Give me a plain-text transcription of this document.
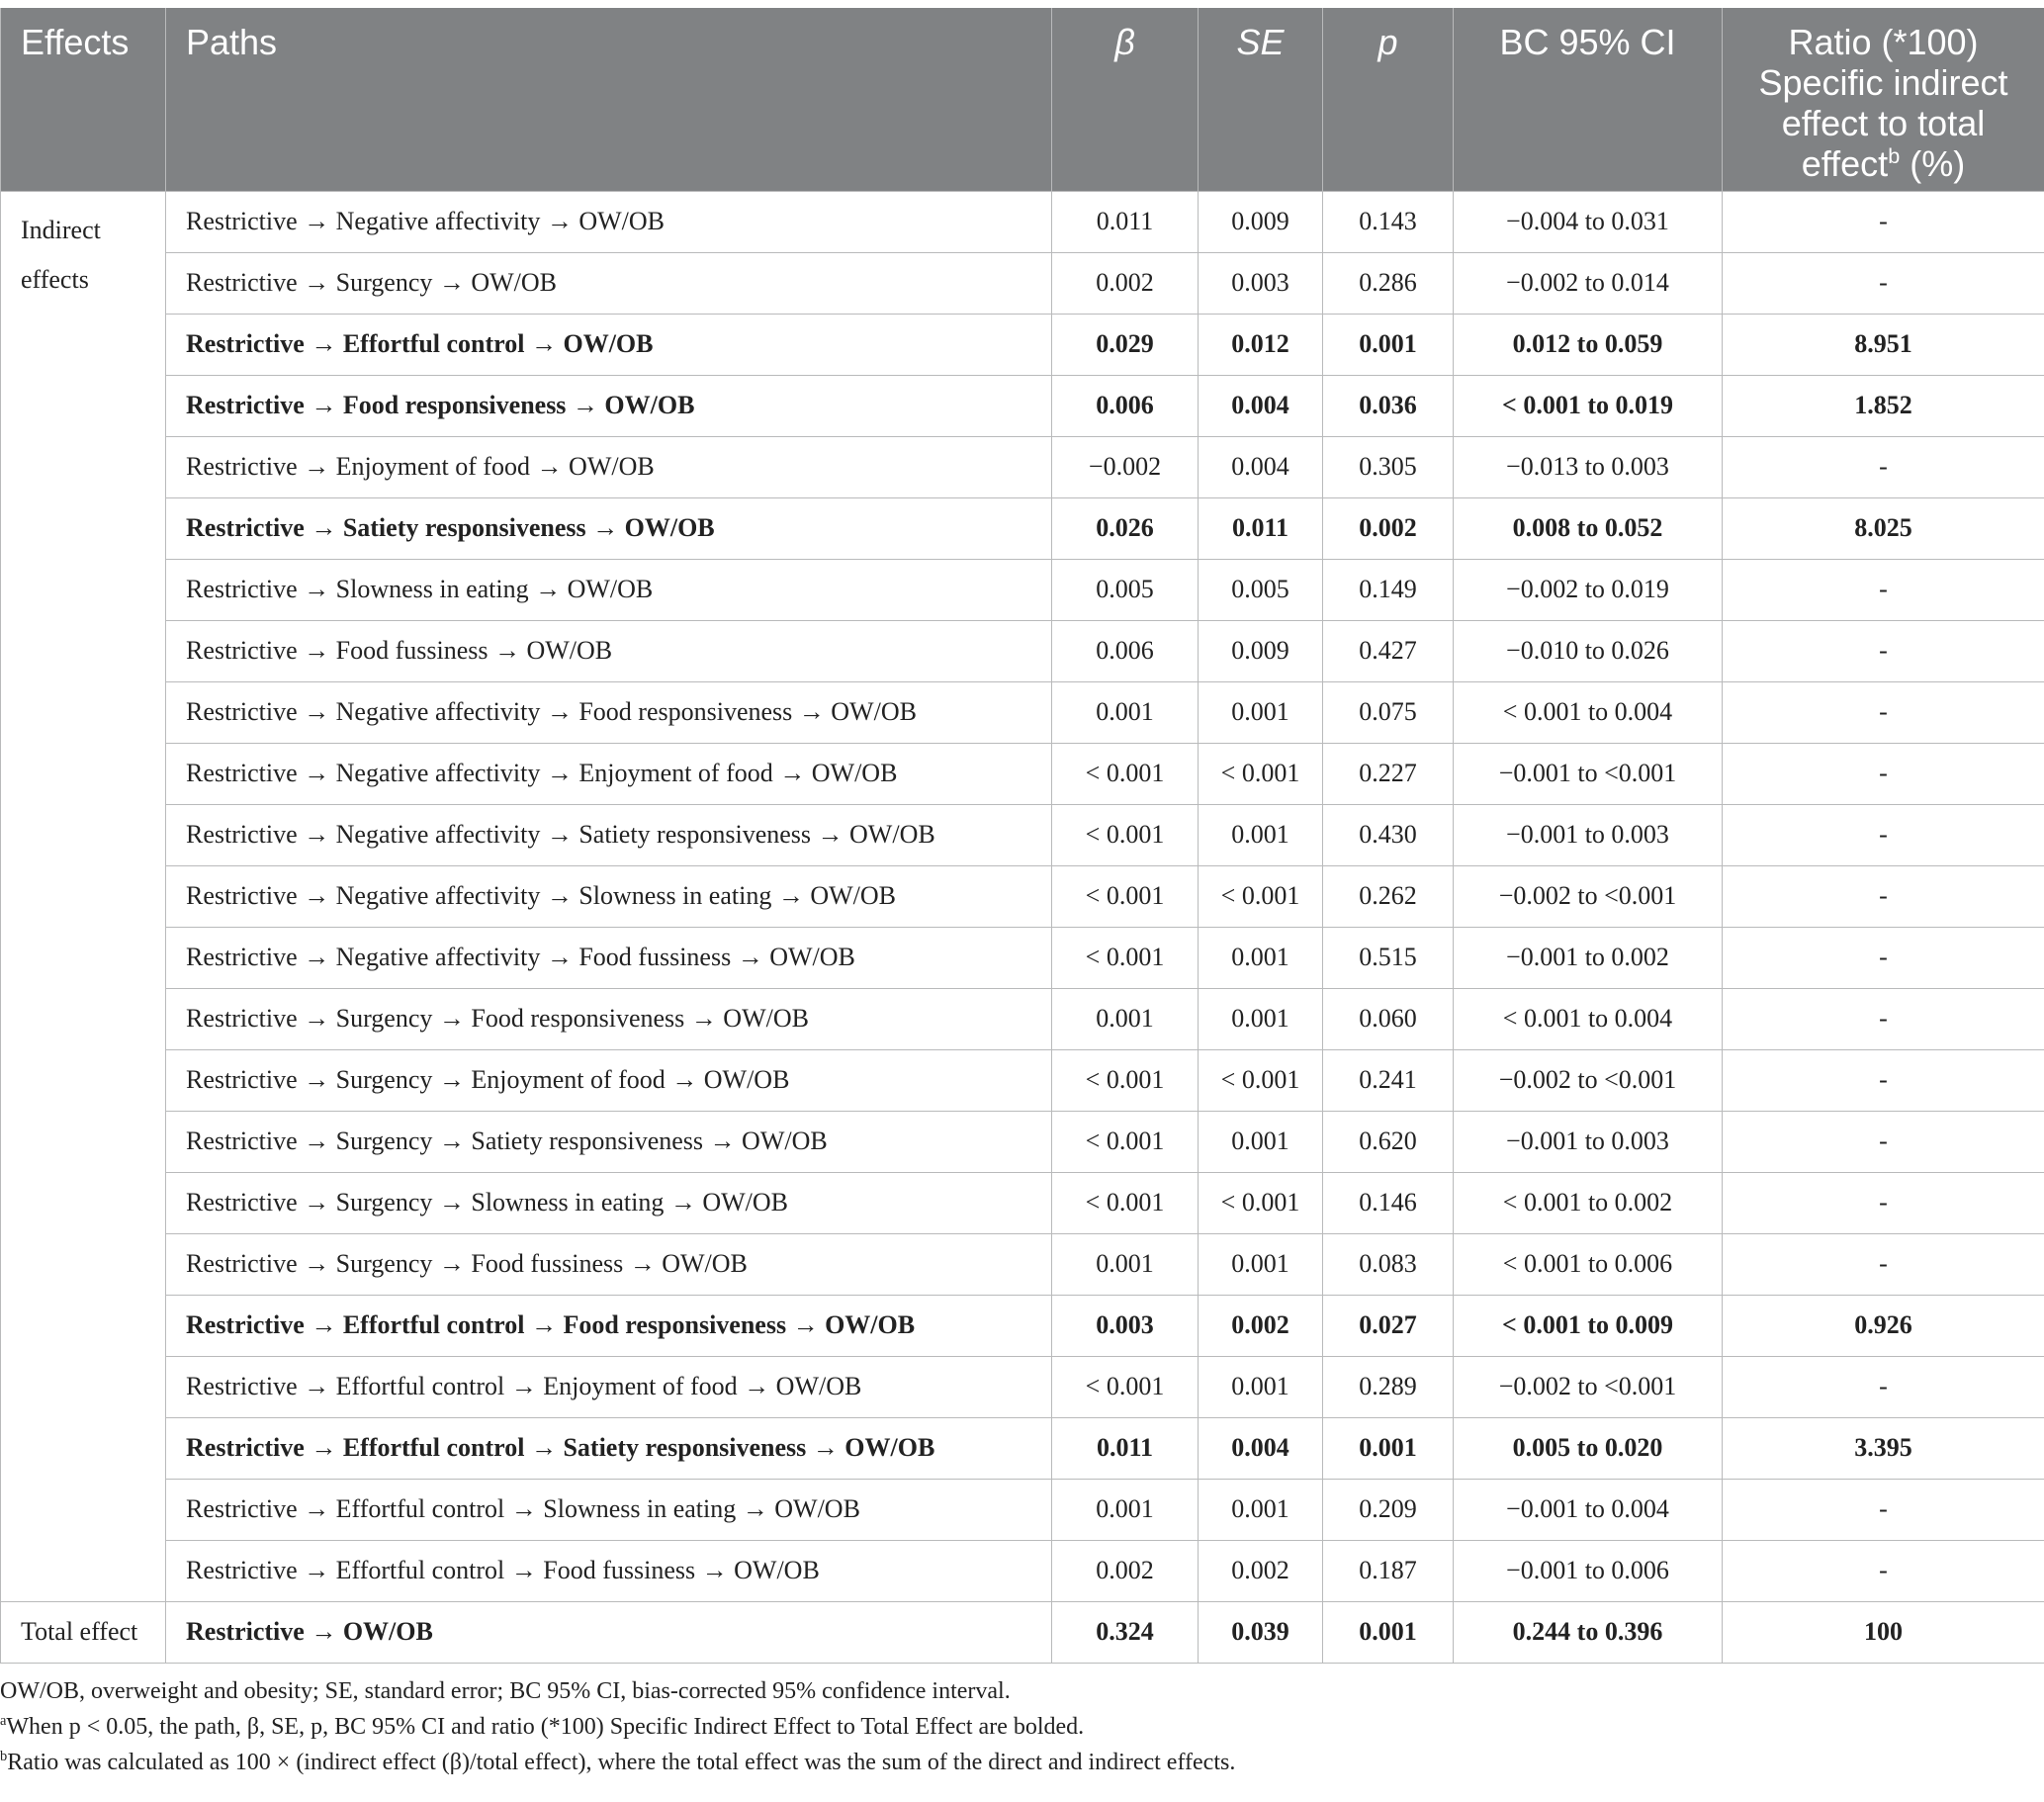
Effects	Paths	β	SE	p	BC 95% CI	Ratio (*100) Specific indirect effect to total effect$^b$ (%)
Indirect effects	Restrictive → Negative affectivity → OW/OB	0.011	0.009	0.143	−0.004 to 0.031	-
	Restrictive → Surgency → OW/OB	0.002	0.003	0.286	−0.002 to 0.014	-
	Restrictive → Effortful control → OW/OB	0.029	0.012	0.001	0.012 to 0.059	8.951
	Restrictive → Food responsiveness → OW/OB	0.006	0.004	0.036	< 0.001 to 0.019	1.852
	Restrictive → Enjoyment of food → OW/OB	−0.002	0.004	0.305	−0.013 to 0.003	-
	Restrictive → Satiety responsiveness → OW/OB	0.026	0.011	0.002	0.008 to 0.052	8.025
	Restrictive → Slowness in eating → OW/OB	0.005	0.005	0.149	−0.002 to 0.019	-
	Restrictive → Food fussiness → OW/OB	0.006	0.009	0.427	−0.010 to 0.026	-
	Restrictive → Negative affectivity → Food responsiveness → OW/OB	0.001	0.001	0.075	< 0.001 to 0.004	-
	Restrictive → Negative affectivity → Enjoyment of food → OW/OB	< 0.001	< 0.001	0.227	−0.001 to <0.001	-
	Restrictive → Negative affectivity → Satiety responsiveness → OW/OB	< 0.001	0.001	0.430	−0.001 to 0.003	-
	Restrictive → Negative affectivity → Slowness in eating → OW/OB	< 0.001	< 0.001	0.262	−0.002 to <0.001	-
	Restrictive → Negative affectivity → Food fussiness → OW/OB	< 0.001	0.001	0.515	−0.001 to 0.002	-
	Restrictive → Surgency → Food responsiveness → OW/OB	0.001	0.001	0.060	< 0.001 to 0.004	-
	Restrictive → Surgency → Enjoyment of food → OW/OB	< 0.001	< 0.001	0.241	−0.002 to <0.001	-
	Restrictive → Surgency → Satiety responsiveness → OW/OB	< 0.001	0.001	0.620	−0.001 to 0.003	-
	Restrictive → Surgency → Slowness in eating → OW/OB	< 0.001	< 0.001	0.146	< 0.001 to 0.002	-
	Restrictive → Surgency → Food fussiness → OW/OB	0.001	0.001	0.083	< 0.001 to 0.006	-
	Restrictive → Effortful control → Food responsiveness → OW/OB	0.003	0.002	0.027	< 0.001 to 0.009	0.926
	Restrictive → Effortful control → Enjoyment of food → OW/OB	< 0.001	0.001	0.289	−0.002 to <0.001	-
	Restrictive → Effortful control → Satiety responsiveness → OW/OB	0.011	0.004	0.001	0.005 to 0.020	3.395
	Restrictive → Effortful control → Slowness in eating → OW/OB	0.001	0.001	0.209	−0.001 to 0.004	-
	Restrictive → Effortful control → Food fussiness → OW/OB	0.002	0.002	0.187	−0.001 to 0.006	-
Total effect	Restrictive → OW/OB	0.324	0.039	0.001	0.244 to 0.396	100
OW/OB, overweight and obesity; SE, standard error; BC 95% CI, bias-corrected 95% confidence interval.
$^a$When p < 0.05, the path, β, SE, p, BC 95% CI and ratio (*100) Specific Indirect Effect to Total Effect are bolded.
$^b$Ratio was calculated as 100 × (indirect effect (β)/total effect), where the total effect was the sum of the direct and indirect effects.
